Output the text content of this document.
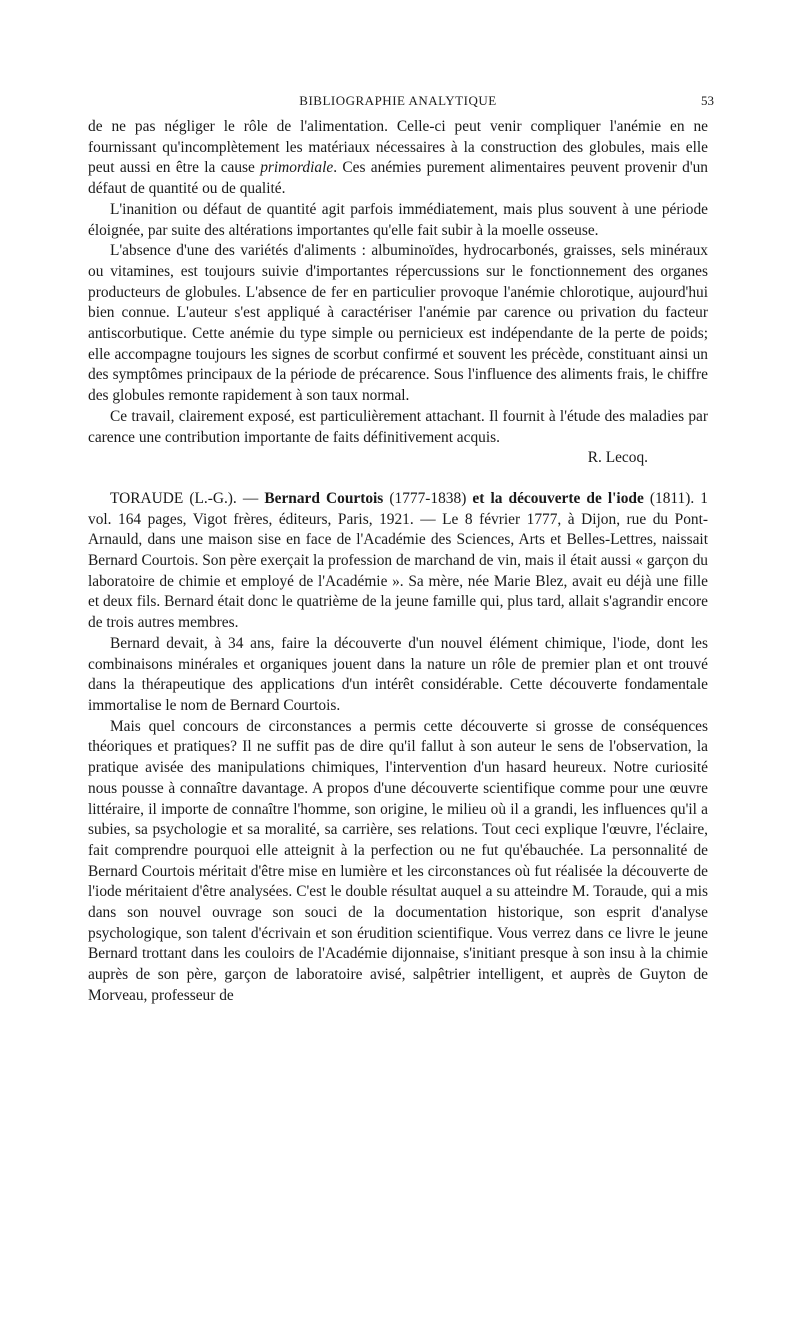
BIBLIOGRAPHIE ANALYTIQUE	53

de ne pas négliger le rôle de l'alimentation. Celle-ci peut venir compliquer l'anémie en ne fournissant qu'incomplètement les matériaux nécessaires à la construction des globules, mais elle peut aussi en être la cause primordiale. Ces anémies purement alimentaires peuvent provenir d'un défaut de quantité ou de qualité.

L'inanition ou défaut de quantité agit parfois immédiatement, mais plus souvent à une période éloignée, par suite des altérations importantes qu'elle fait subir à la moelle osseuse.

L'absence d'une des variétés d'aliments : albuminoïdes, hydrocarbonés, graisses, sels minéraux ou vitamines, est toujours suivie d'importantes répercussions sur le fonctionnement des organes producteurs de globules. L'absence de fer en particulier provoque l'anémie chlorotique, aujourd'hui bien connue. L'auteur s'est appliqué à caractériser l'anémie par carence ou privation du facteur antiscorbutique. Cette anémie du type simple ou pernicieux est indépendante de la perte de poids; elle accompagne toujours les signes de scorbut confirmé et souvent les précède, constituant ainsi un des symptômes principaux de la période de précarence. Sous l'influence des aliments frais, le chiffre des globules remonte rapidement à son taux normal.

Ce travail, clairement exposé, est particulièrement attachant. Il fournit à l'étude des maladies par carence une contribution importante de faits définitivement acquis.

R. Lecoq.

TORAUDE (L.-G.). — Bernard Courtois (1777-1838) et la découverte de l'iode (1811). 1 vol. 164 pages, Vigot frères, éditeurs, Paris, 1921. — Le 8 février 1777, à Dijon, rue du Pont-Arnauld, dans une maison sise en face de l'Académie des Sciences, Arts et Belles-Lettres, naissait Bernard Courtois. Son père exerçait la profession de marchand de vin, mais il était aussi « garçon du laboratoire de chimie et employé de l'Académie ». Sa mère, née Marie Blez, avait eu déjà une fille et deux fils. Bernard était donc le quatrième de la jeune famille qui, plus tard, allait s'agrandir encore de trois autres membres.

Bernard devait, à 34 ans, faire la découverte d'un nouvel élément chimique, l'iode, dont les combinaisons minérales et organiques jouent dans la nature un rôle de premier plan et ont trouvé dans la thérapeutique des applications d'un intérêt considérable. Cette découverte fondamentale immortalise le nom de Bernard Courtois.

Mais quel concours de circonstances a permis cette découverte si grosse de conséquences théoriques et pratiques? Il ne suffit pas de dire qu'il fallut à son auteur le sens de l'observation, la pratique avisée des manipulations chimiques, l'intervention d'un hasard heureux. Notre curiosité nous pousse à connaître davantage. A propos d'une découverte scientifique comme pour une œuvre littéraire, il importe de connaître l'homme, son origine, le milieu où il a grandi, les influences qu'il a subies, sa psychologie et sa moralité, sa carrière, ses relations. Tout ceci explique l'œuvre, l'éclaire, fait comprendre pourquoi elle atteignit à la perfection ou ne fut qu'ébauchée. La personnalité de Bernard Courtois méritait d'être mise en lumière et les circonstances où fut réalisée la découverte de l'iode méritaient d'être analysées. C'est le double résultat auquel a su atteindre M. Toraude, qui a mis dans son nouvel ouvrage son souci de la documentation historique, son esprit d'analyse psychologique, son talent d'écrivain et son érudition scientifique. Vous verrez dans ce livre le jeune Bernard trottant dans les couloirs de l'Académie dijonnaise, s'initiant presque à son insu à la chimie auprès de son père, garçon de laboratoire avisé, salpêtrier intelligent, et auprès de Guyton de Morveau, professeur de
